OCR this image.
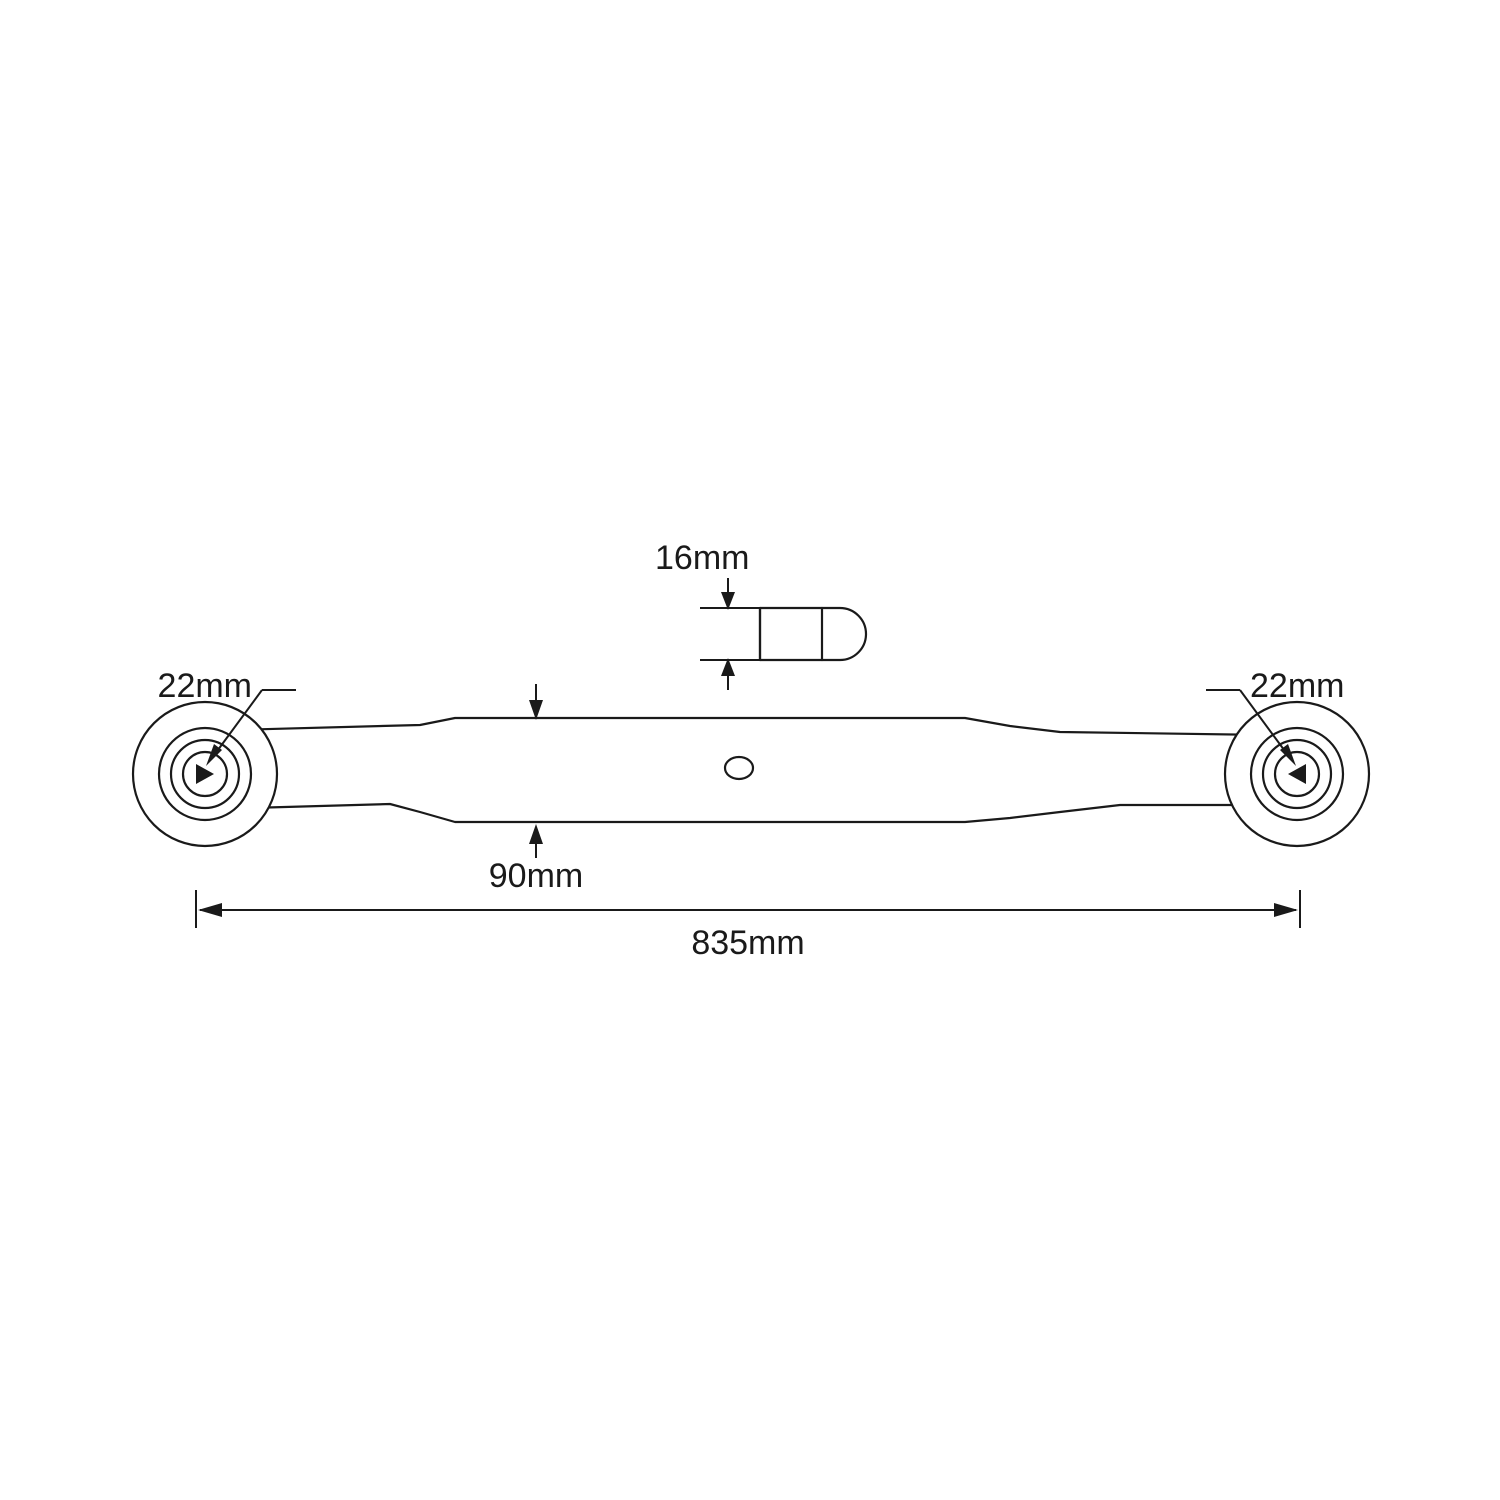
16mm
90mm
835mm
22mm	22mm
